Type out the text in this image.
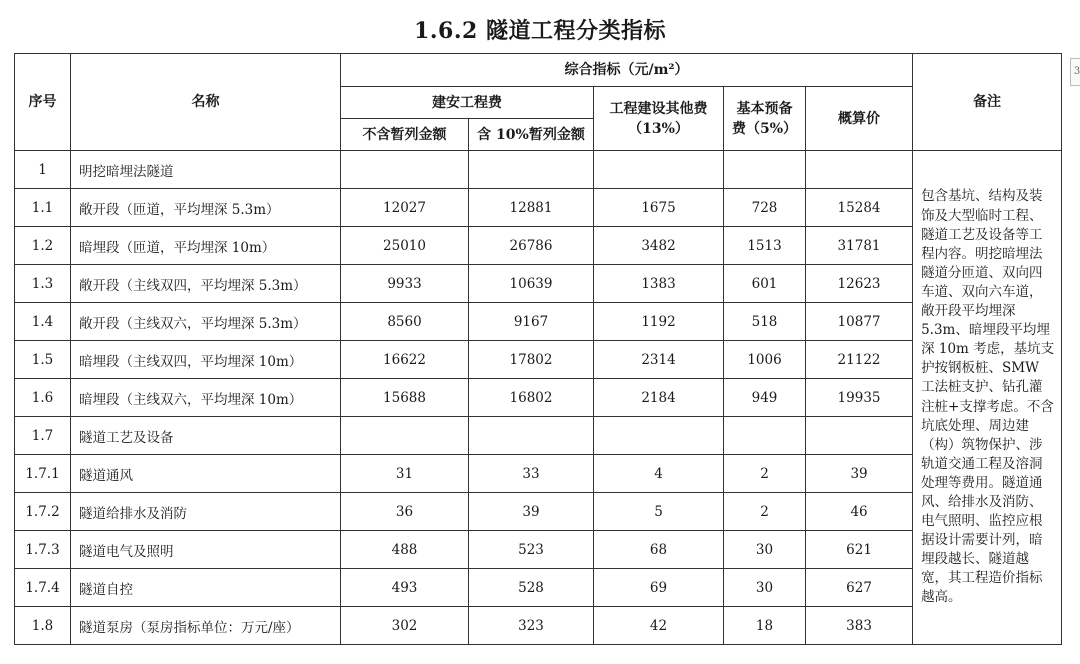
1.6.2 隧道工程分类指标
序号	名称	综合指标（元/m²）					备注
		建安工程费		工程建设其他费（13%）	基本预备费（5%）	概算价	
		不含暂列金额	含 10%暂列金额				
1	明挖暗埋法隧道						包含基坑、结构及装饰及大型临时工程、隧道工艺及设备等工程内容。明挖暗埋法隧道分匝道、双向四车道、双向六车道，敞开段平均埋深5.3m、暗埋段平均埋深 10m 考虑，基坑支护按钢板桩、SMW 工法桩支护、钻孔灌注桩+支撑考虑。不含坑底处理、周边建（构）筑物保护、涉轨道交通工程及溶洞处理等费用。隧道通风、给排水及消防、电气照明、监控应根据设计需要计列，暗埋段越长、隧道越宽，其工程造价指标越高。
1.1	敞开段（匝道，平均埋深 5.3m）	12027	12881	1675	728	15284	
1.2	暗埋段（匝道，平均埋深 10m）	25010	26786	3482	1513	31781	
1.3	敞开段（主线双四，平均埋深 5.3m）	9933	10639	1383	601	12623	
1.4	敞开段（主线双六，平均埋深 5.3m）	8560	9167	1192	518	10877	
1.5	暗埋段（主线双四，平均埋深 10m）	16622	17802	2314	1006	21122	
1.6	暗埋段（主线双六，平均埋深 10m）	15688	16802	2184	949	19935	
1.7	隧道工艺及设备						
1.7.1	隧道通风	31	33	4	2	39	
1.7.2	隧道给排水及消防	36	39	5	2	46	
1.7.3	隧道电气及照明	488	523	68	30	621	
1.7.4	隧道自控	493	528	69	30	627	
1.8	隧道泵房（泵房指标单位：万元/座）	302	323	42	18	383	
3
